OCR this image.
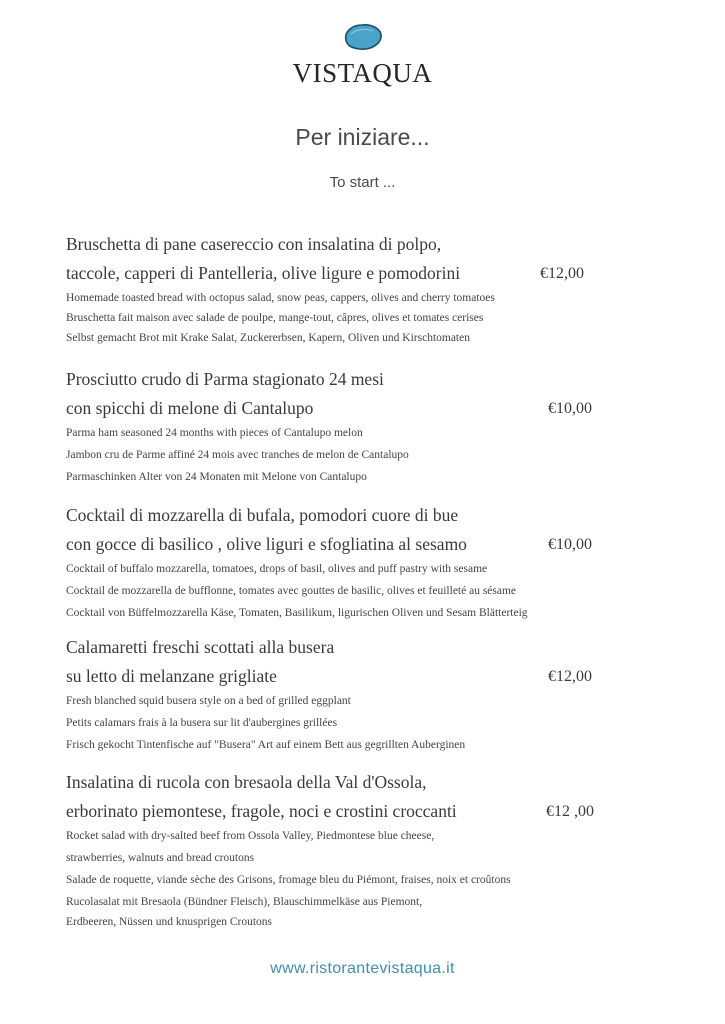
VISTAQUA
Per iniziare...
To start ...
Bruschetta di pane casereccio con insalatina di polpo,
taccole, capperi di Pantelleria, olive ligure e pomodorini	€12,00
Homemade toasted bread with octopus salad, snow peas, cappers, olives and cherry tomatoes
Bruschetta fait maison avec salade de poulpe, mange-tout, câpres, olives et tomates cerises
Selbst gemacht Brot mit Krake Salat, Zuckererbsen, Kapern, Oliven und Kirschtomaten
Prosciutto crudo di Parma stagionato 24 mesi
con spicchi di melone di Cantalupo	€10,00
Parma ham seasoned 24 months with pieces of Cantalupo melon
Jambon cru de Parme affiné 24 mois avec tranches de melon de Cantalupo
Parmaschinken Alter von 24 Monaten mit Melone von Cantalupo
Cocktail di mozzarella di bufala, pomodori cuore di bue
con gocce di basilico , olive liguri e sfogliatina al sesamo	€10,00
Cocktail of buffalo mozzarella, tomatoes, drops of basil, olives and puff pastry with sesame
Cocktail de mozzarella de bufflonne, tomates avec gouttes de basilic, olives et feuilleté au sésame
Cocktail von Büffelmozzarella Käse, Tomaten, Basilikum, ligurischen Oliven und Sesam Blätterteig
Calamaretti freschi scottati alla busera
su letto di melanzane grigliate	€12,00
Fresh blanched squid busera style on a bed of grilled eggplant
Petits calamars frais à la busera sur lit d'aubergines grillées
Frisch gekocht Tintenfische auf "Busera" Art auf einem Bett aus gegrillten Auberginen
Insalatina di rucola con bresaola della Val d'Ossola,
erborinato piemontese, fragole, noci e crostini croccanti	€12 ,00
Rocket salad with dry-salted beef from Ossola Valley, Piedmontese blue cheese,
strawberries, walnuts and bread croutons
Salade de roquette, viande sèche des Grisons, fromage bleu du Piémont, fraises, noix et croûtons
Rucolasalat mit Bresaola (Bündner Fleisch), Blauschimmelkäse aus Piemont,
Erdbeeren, Nüssen und knusprigen Croutons
www.ristorantevistaqua.it
